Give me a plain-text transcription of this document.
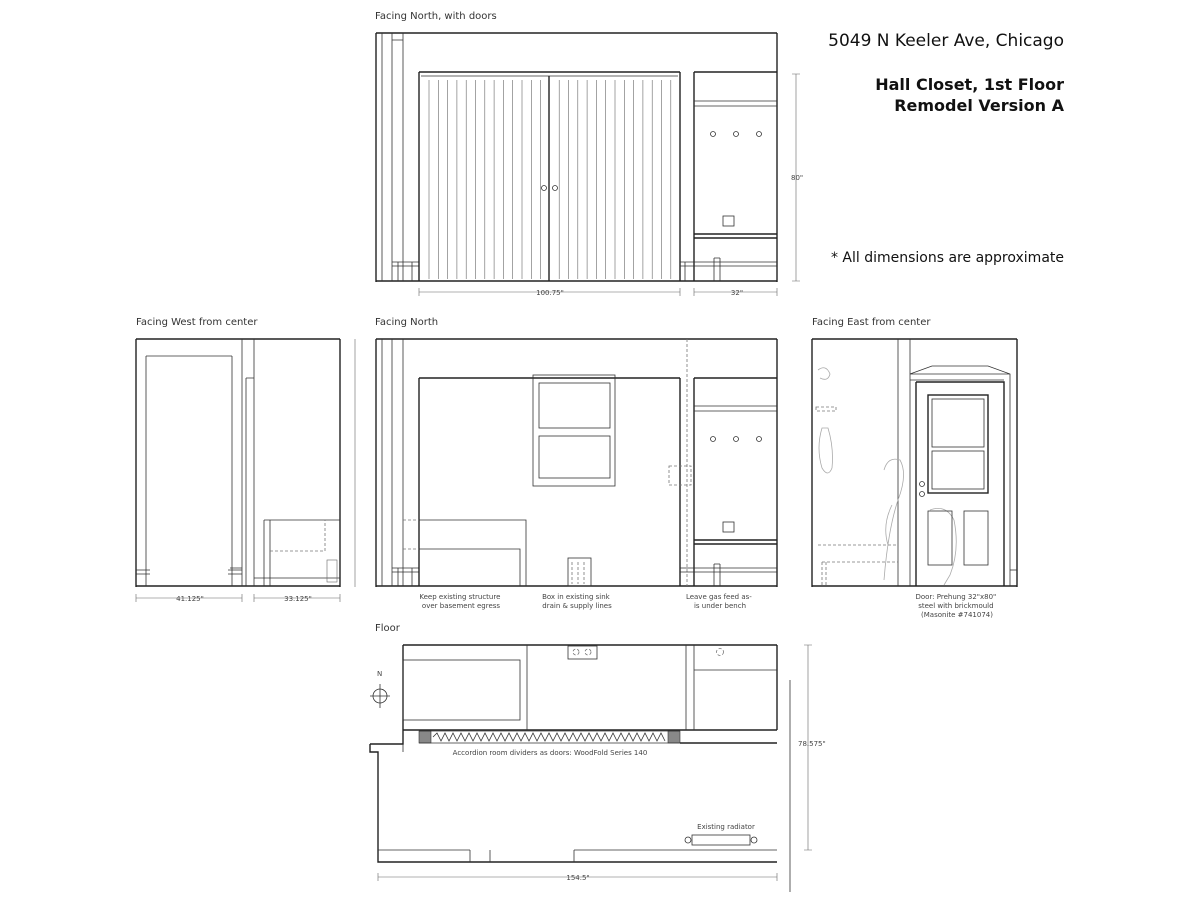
5049 N Keeler Ave, Chicago
Hall Closet, 1st Floor
Remodel Version A
* All dimensions are approximate
Facing North, with doors
100.75"	32"
80"
Facing West from center
41.125"	33.125"
Facing North
Keep existing structure over basement egress
Box in existing sink drain & supply lines
Leave gas feed as- is under bench
Facing East from center
Door: Prehung 32"x80" steel with brickmould (Masonite #741074)
Floor
N
Accordion room dividers as doors: WoodFold Series 140
Existing radiator
154.5"
78.575"
